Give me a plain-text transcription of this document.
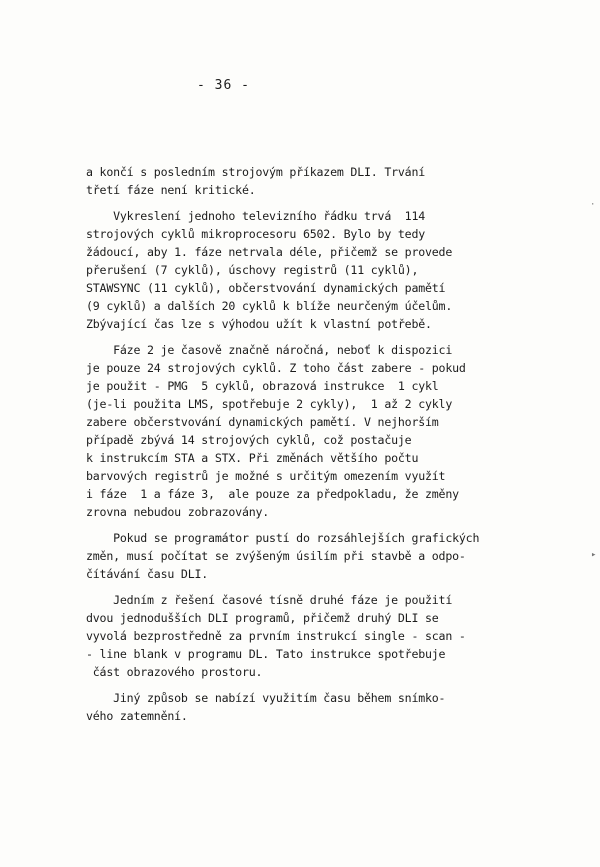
- 36 -
a končí s posledním strojovým příkazem DLI. Trvání
třetí fáze není kritické.
Vykreslení jednoho televizního řádku trvá  114
strojových cyklů mikroprocesoru 6502. Bylo by tedy
žádoucí, aby 1. fáze netrvala déle, přičemž se provede
přerušení (7 cyklů), úschovy registrů (11 cyklů),
STAWSYNC (11 cyklů), občerstvování dynamických pamětí
(9 cyklů) a dalších 20 cyklů k blíže neurčeným účelům.
Zbývající čas lze s výhodou užít k vlastní potřebě.
Fáze 2 je časově značně náročná, neboť k dispozici
je pouze 24 strojových cyklů. Z toho část zabere - pokud
je použit - PMG  5 cyklů, obrazová instrukce  1 cykl
(je-li použita LMS, spotřebuje 2 cykly),  1 až 2 cykly
zabere občerstvování dynamických pamětí. V nejhorším
případě zbývá 14 strojových cyklů, což postačuje
k instrukcím STA a STX. Při změnách většího počtu
barvových registrů je možné s určitým omezením využít
i fáze  1 a fáze 3,  ale pouze za předpokladu, že změny
zrovna nebudou zobrazovány.
Pokud se programátor pustí do rozsáhlejších grafických
změn, musí počítat se zvýšeným úsilím při stavbě a odpo-
čítávání času DLI.
Jedním z řešení časové tísně druhé fáze je použití
dvou jednodušších DLI programů, přičemž druhý DLI se
vyvolá bezprostředně za prvním instrukcí single - scan -
- line blank v programu DL. Tato instrukce spotřebuje
část obrazového prostoru.
Jiný způsob se nabízí využitím času během snímko-
vého zatemnění.
·
▸
